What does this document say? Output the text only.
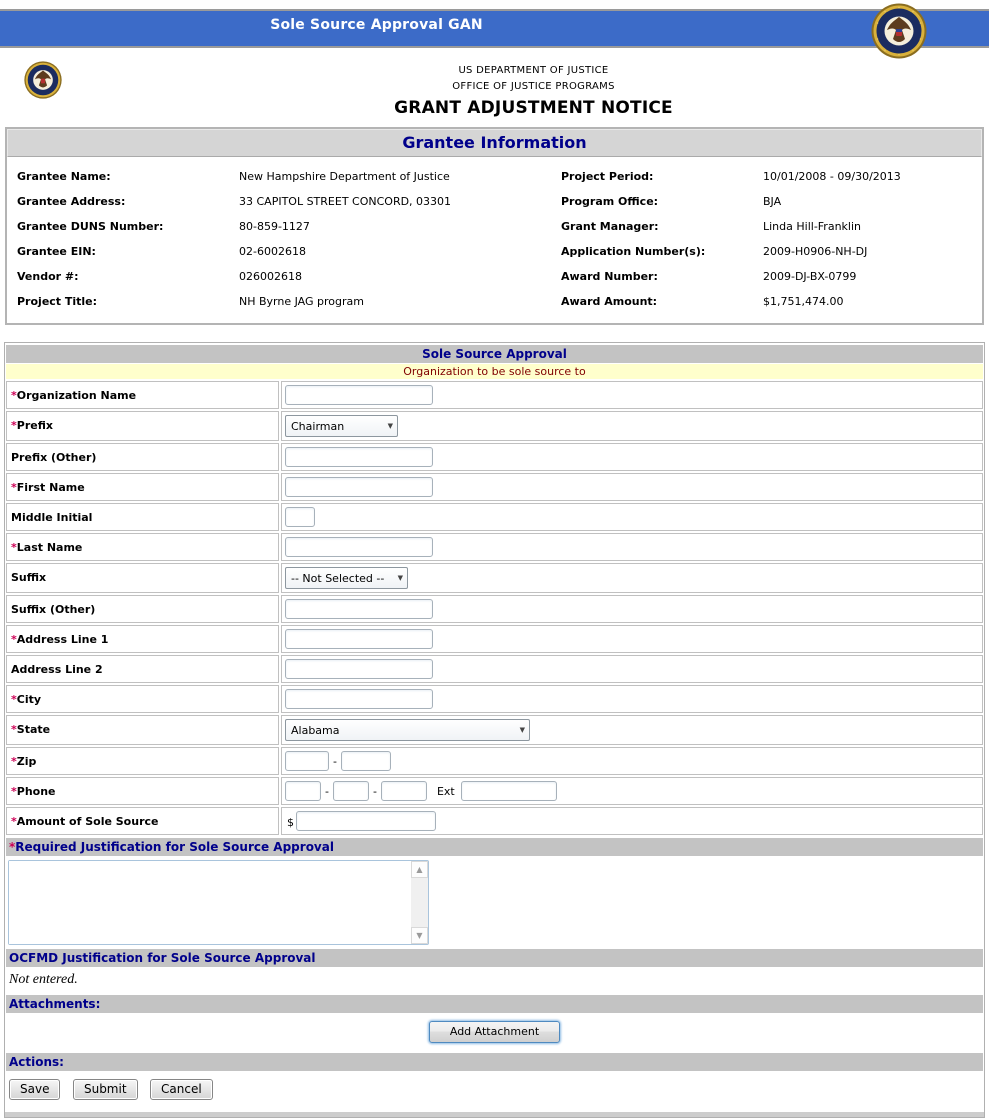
Sole Source Approval GAN
US DEPARTMENT OF JUSTICE
OFFICE OF JUSTICE PROGRAMS
GRANT ADJUSTMENT NOTICE
Grantee Information
Grantee Name:	New Hampshire Department of Justice	Project Period:	10/01/2008 - 09/30/2013
Grantee Address:	33 CAPITOL STREET CONCORD, 03301	Program Office:	BJA
Grantee DUNS Number:	80-859-1127	Grant Manager:	Linda Hill-Franklin
Grantee EIN:	02-6002618	Application Number(s):	2009-H0906-NH-DJ
Vendor #:	026002618	Award Number:	2009-DJ-BX-0799
Project Title:	NH Byrne JAG program	Award Amount:	$1,751,474.00
Sole Source Approval
Organization to be sole source to
*Organization Name
*Prefix	Chairman	▼
Prefix (Other)
*First Name
Middle Initial
*Last Name
Suffix	-- Not Selected --	▼
Suffix (Other)
*Address Line 1
Address Line 2
*City
*State	Alabama	▼
*Zip	-
*Phone	-	-	Ext
*Amount of Sole Source	$
*Required Justification for Sole Source Approval
▲
▼
OCFMD Justification for Sole Source Approval
Not entered.
Attachments:
Add Attachment
Actions:
Save	Submit	Cancel
